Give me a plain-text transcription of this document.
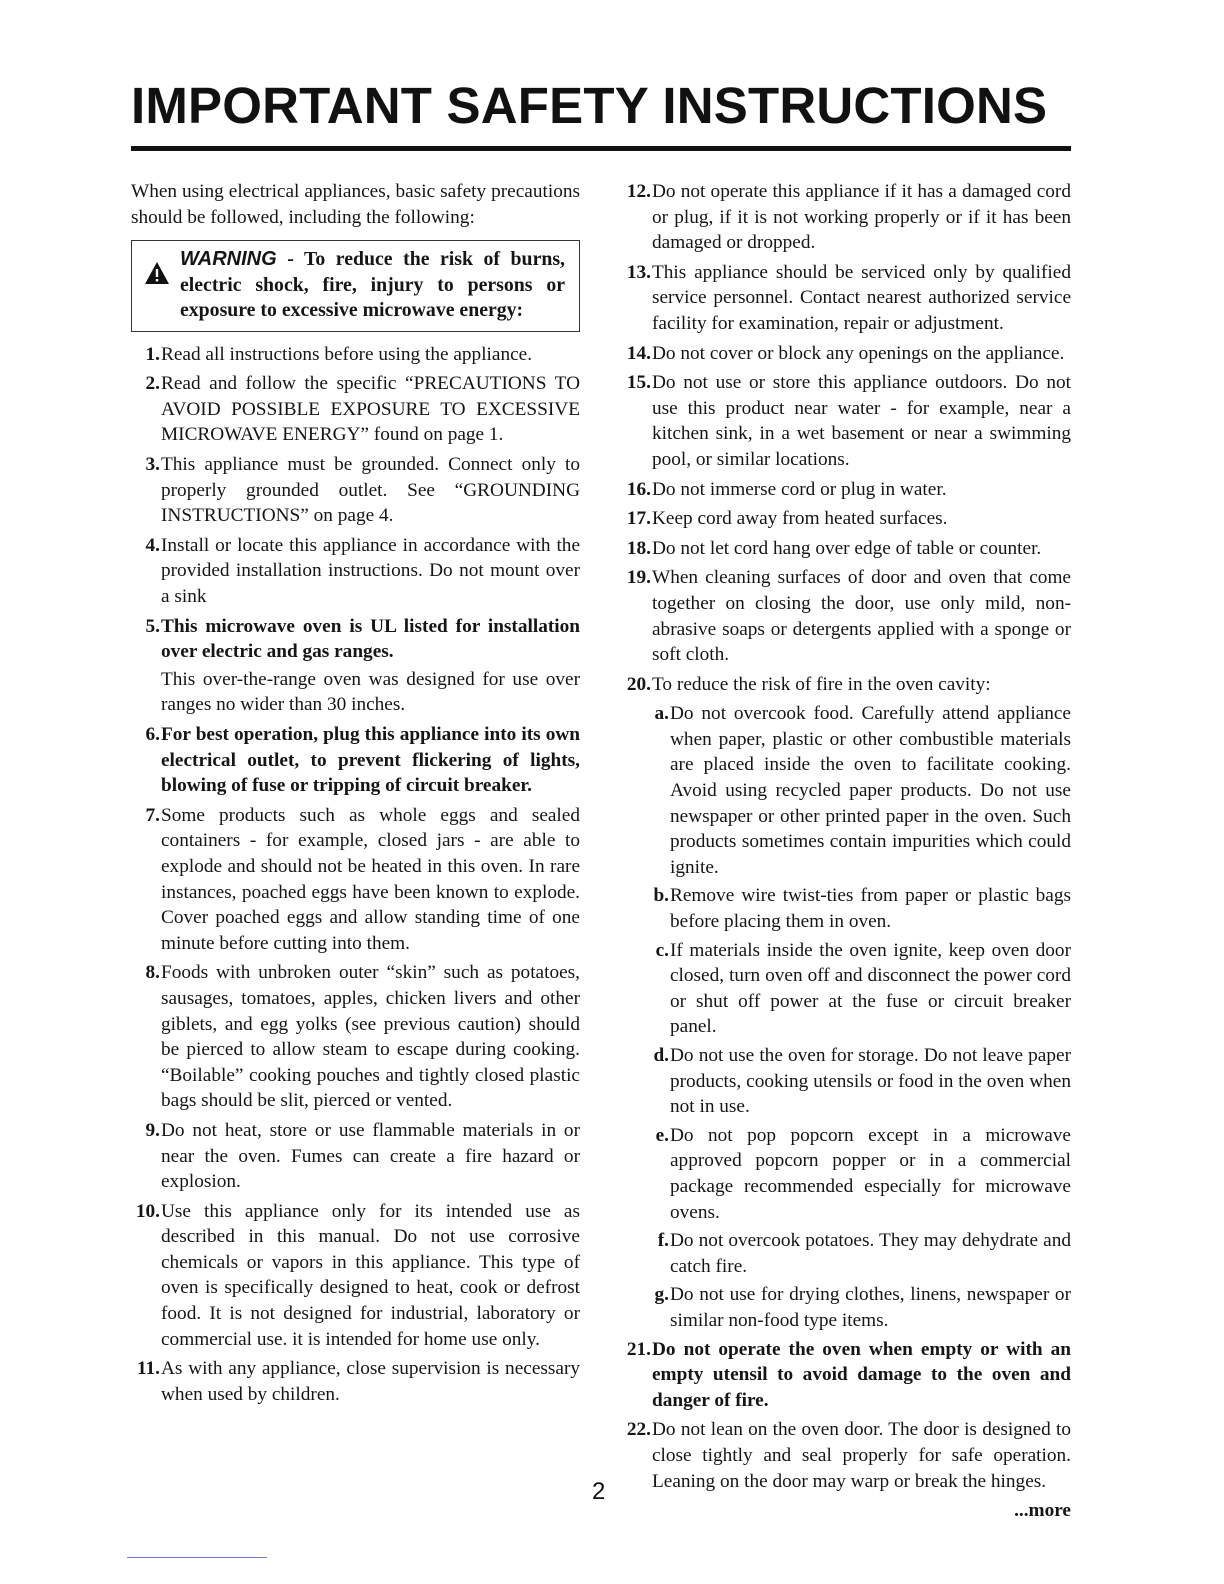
IMPORTANT SAFETY INSTRUCTIONS

When using electrical appliances, basic safety precautions should be followed, including the following:

WARNING - To reduce the risk of burns, electric shock, fire, injury to persons or exposure to excessive microwave energy:

1. Read all instructions before using the appliance.
2. Read and follow the specific “PRECAUTIONS TO AVOID POSSIBLE EXPOSURE TO EXCESSIVE MICROWAVE ENERGY” found on page 1.
3. This appliance must be grounded. Connect only to properly grounded outlet. See “GROUNDING INSTRUCTIONS” on page 4.
4. Install or locate this appliance in accordance with the provided installation instructions. Do not mount over a sink
5. This microwave oven is UL listed for installation over electric and gas ranges.

This over-the-range oven was designed for use over ranges no wider than 30 inches.

6. For best operation, plug this appliance into its own electrical outlet, to prevent flickering of lights, blowing of fuse or tripping of circuit breaker.
7. Some products such as whole eggs and sealed containers - for example, closed jars - are able to explode and should not be heated in this oven. In rare instances, poached eggs have been known to explode. Cover poached eggs and allow standing time of one minute before cutting into them.
8. Foods with unbroken outer “skin” such as potatoes, sausages, tomatoes, apples, chicken livers and other giblets, and egg yolks (see previous caution) should be pierced to allow steam to escape during cooking. “Boilable” cooking pouches and tightly closed plastic bags should be slit, pierced or vented.
9. Do not heat, store or use flammable materials in or near the oven. Fumes can create a fire hazard or explosion.
10. Use this appliance only for its intended use as described in this manual. Do not use corrosive chemicals or vapors in this appliance. This type of oven is specifically designed to heat, cook or defrost food. It is not designed for industrial, laboratory or commercial use. it is intended for home use only.
11. As with any appliance, close supervision is necessary when used by children.
12. Do not operate this appliance if it has a damaged cord or plug, if it is not working properly or if it has been damaged or dropped.
13. This appliance should be serviced only by qualified service personnel. Contact nearest authorized service facility for examination, repair or adjustment.
14. Do not cover or block any openings on the appliance.
15. Do not use or store this appliance outdoors. Do not use this product near water - for example, near a kitchen sink, in a wet basement or near a swimming pool, or similar locations.
16. Do not immerse cord or plug in water.
17. Keep cord away from heated surfaces.
18. Do not let cord hang over edge of table or counter.
19. When cleaning surfaces of door and oven that come together on closing the door, use only mild, non-abrasive soaps or detergents applied with a sponge or soft cloth.
20. To reduce the risk of fire in the oven cavity:

a. Do not overcook food. Carefully attend appliance when paper, plastic or other combustible materials are placed inside the oven to facilitate cooking. Avoid using recycled paper products. Do not use newspaper or other printed paper in the oven. Such products sometimes contain impurities which could ignite.
b. Remove wire twist-ties from paper or plastic bags before placing them in oven.
c. If materials inside the oven ignite, keep oven door closed, turn oven off and disconnect the power cord or shut off power at the fuse or circuit breaker panel.
d. Do not use the oven for storage. Do not leave paper products, cooking utensils or food in the oven when not in use.
e. Do not pop popcorn except in a microwave approved popcorn popper or in a commercial package recommended especially for microwave ovens.
f. Do not overcook potatoes. They may dehydrate and catch fire.
g. Do not use for drying clothes, linens, newspaper or similar non-food type items.
21. Do not operate the oven when empty or with an empty utensil to avoid damage to the oven and danger of fire.
22. Do not lean on the oven door. The door is designed to close tightly and seal properly for safe operation. Leaning on the door may warp or break the hinges.

...more

2
